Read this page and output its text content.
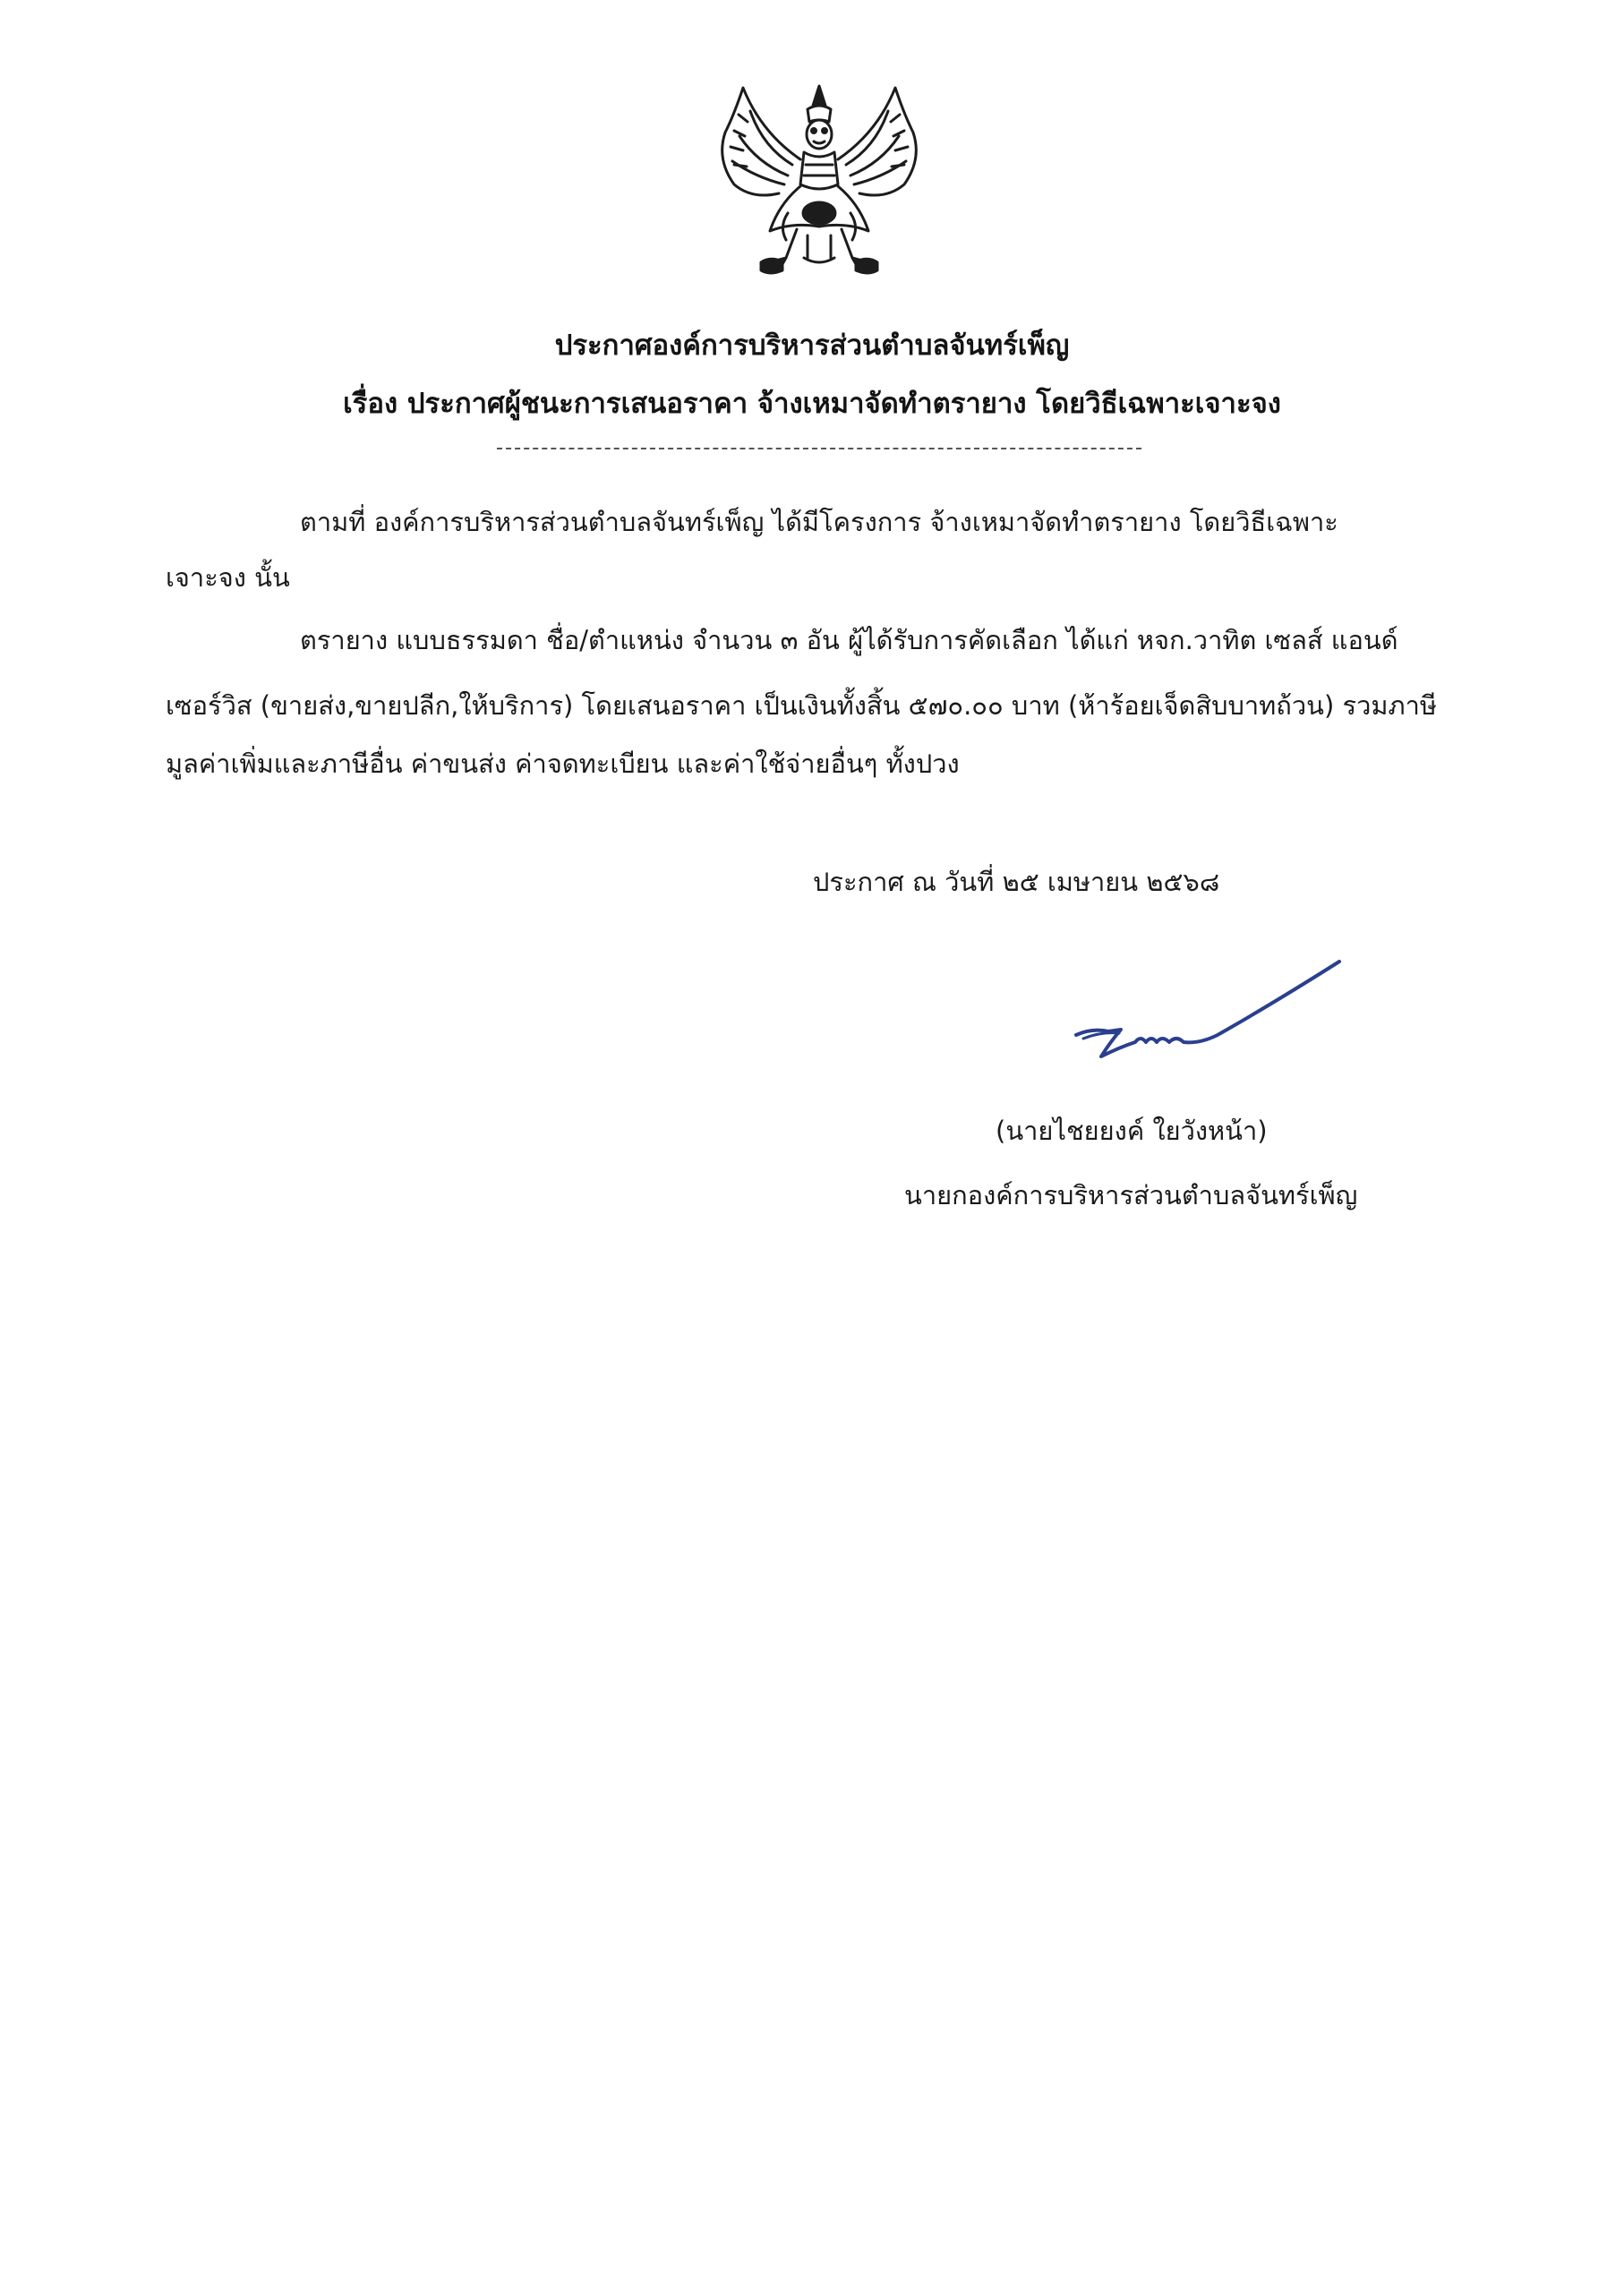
ประกาศองค์การบริหารส่วนตำบลจันทร์เพ็ญ
เรื่อง ประกาศผู้ชนะการเสนอราคา จ้างเหมาจัดทำตรายาง โดยวิธีเฉพาะเจาะจง
ตามที่ องค์การบริหารส่วนตำบลจันทร์เพ็ญ ได้มีโครงการ จ้างเหมาจัดทำตรายาง โดยวิธีเฉพาะ
เจาะจง นั้น
ตรายาง แบบธรรมดา ชื่อ/ตำแหน่ง จำนวน ๓ อัน ผู้ได้รับการคัดเลือก ได้แก่ หจก.วาทิต เซลส์ แอนด์
เซอร์วิส (ขายส่ง,ขายปลีก,ให้บริการ) โดยเสนอราคา เป็นเงินทั้งสิ้น ๕๗๐.๐๐ บาท (ห้าร้อยเจ็ดสิบบาทถ้วน) รวมภาษี
มูลค่าเพิ่มและภาษีอื่น ค่าขนส่ง ค่าจดทะเบียน และค่าใช้จ่ายอื่นๆ ทั้งปวง
ประกาศ ณ วันที่ ๒๕ เมษายน ๒๕๖๘
(นายไชยยงค์ ใยวังหน้า)
นายกองค์การบริหารส่วนตำบลจันทร์เพ็ญ
